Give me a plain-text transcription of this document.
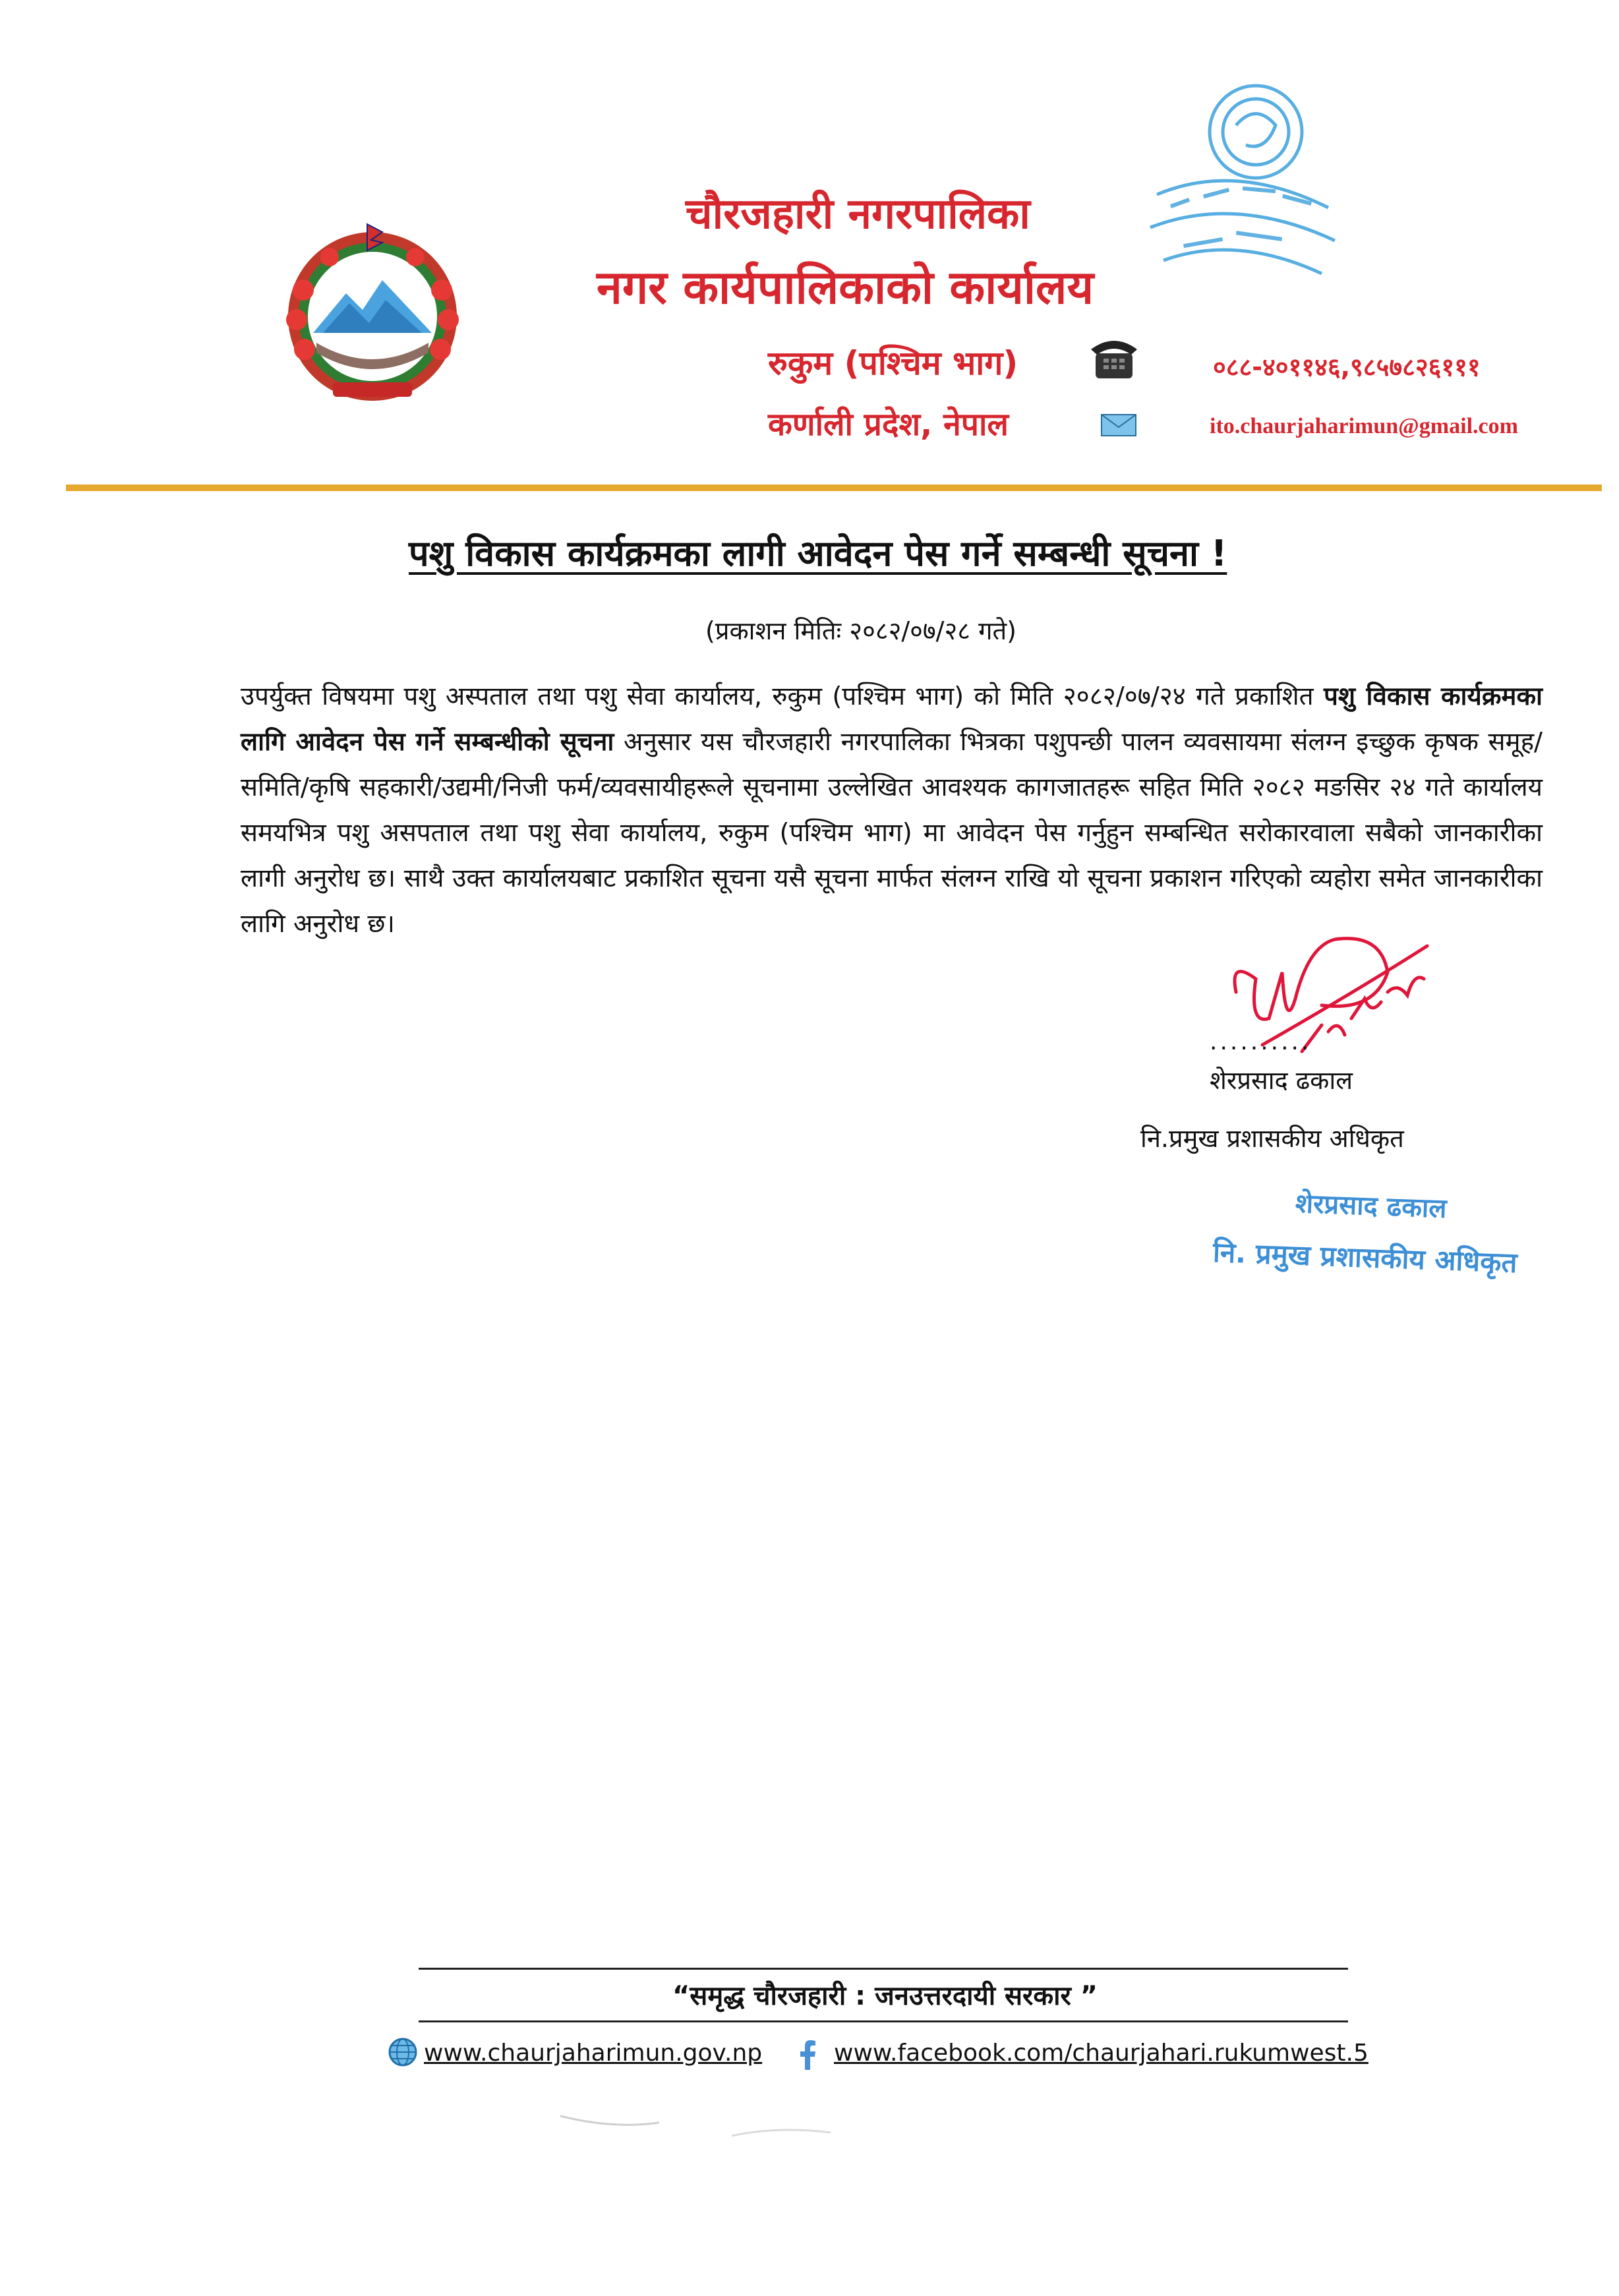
चौरजहारी नगरपालिका
नगर कार्यपालिकाको कार्यालय
रुकुम (पश्चिम भाग)
कर्णाली प्रदेश, नेपाल
०८८-४०११४६,९८५७८२६१११
ito.chaurjaharimun@gmail.com
पशु विकास कार्यक्रमका लागी आवेदन पेस गर्ने सम्बन्धी सूचना !
(प्रकाशन मितिः २०८२/०७/२८ गते)
उपर्युक्त विषयमा पशु अस्पताल तथा पशु सेवा कार्यालय, रुकुम (पश्चिम भाग) को मिति २०८२/०७/२४ गते प्रकाशित पशु विकास कार्यक्रमका लागि आवेदन पेस गर्ने सम्बन्धीको सूचना अनुसार यस चौरजहारी नगरपालिका भित्रका पशुपन्छी पालन व्यवसायमा संलग्न इच्छुक कृषक समूह/समिति/कृषि सहकारी/उद्यमी/निजी फर्म/व्यवसायीहरूले सूचनामा उल्लेखित आवश्यक कागजातहरू सहित मिति २०८२ मङसिर २४ गते कार्यालय समयभित्र पशु असपताल तथा पशु सेवा कार्यालय, रुकुम (पश्चिम भाग) मा आवेदन पेस गर्नुहुन सम्बन्धित सरोकारवाला सबैको जानकारीका लागी अनुरोध छ। साथै उक्त कार्यालयबाट प्रकाशित सूचना यसै सूचना मार्फत संलग्न राखि यो सूचना प्रकाशन गरिएको व्यहोरा समेत जानकारीका लागि अनुरोध छ।
..........
शेरप्रसाद ढकाल
नि.प्रमुख प्रशासकीय अधिकृत
शेरप्रसाद ढकाल
नि. प्रमुख प्रशासकीय अधिकृत
“समृद्ध चौरजहारी : जनउत्तरदायी सरकार ”
www.chaurjaharimun.gov.np	www.facebook.com/chaurjahari.rukumwest.5
